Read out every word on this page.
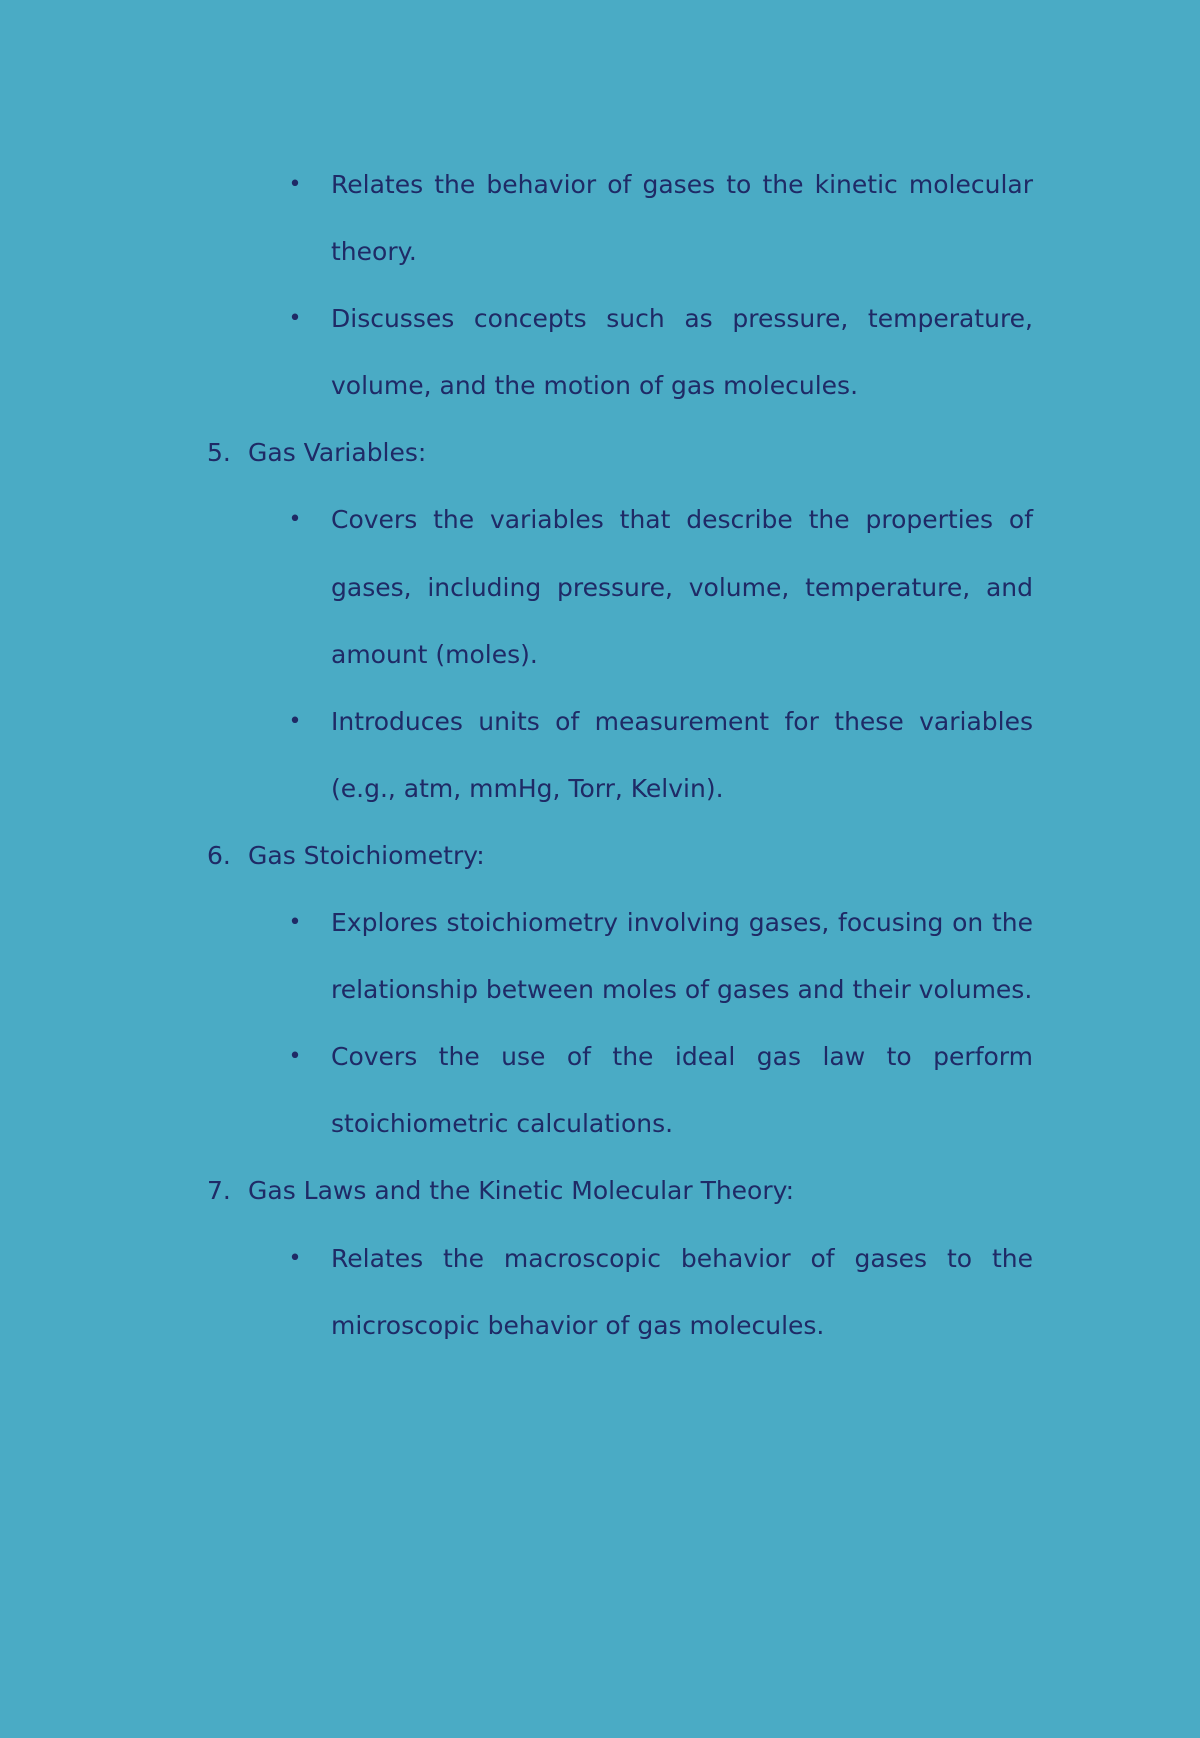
• Relates the behavior of gases to the kinetic molecular theory.
• Discusses concepts such as pressure, temperature, volume, and the motion of gas molecules.
5. Gas Variables:
• Covers the variables that describe the properties of gases, including pressure, volume, temperature, and amount (moles).
• Introduces units of measurement for these variables (e.g., atm, mmHg, Torr, Kelvin).
6. Gas Stoichiometry:
• Explores stoichiometry involving gases, focusing on the relationship between moles of gases and their volumes.
• Covers the use of the ideal gas law to perform stoichiometric calculations.
7. Gas Laws and the Kinetic Molecular Theory:
• Relates the macroscopic behavior of gases to the microscopic behavior of gas molecules.
